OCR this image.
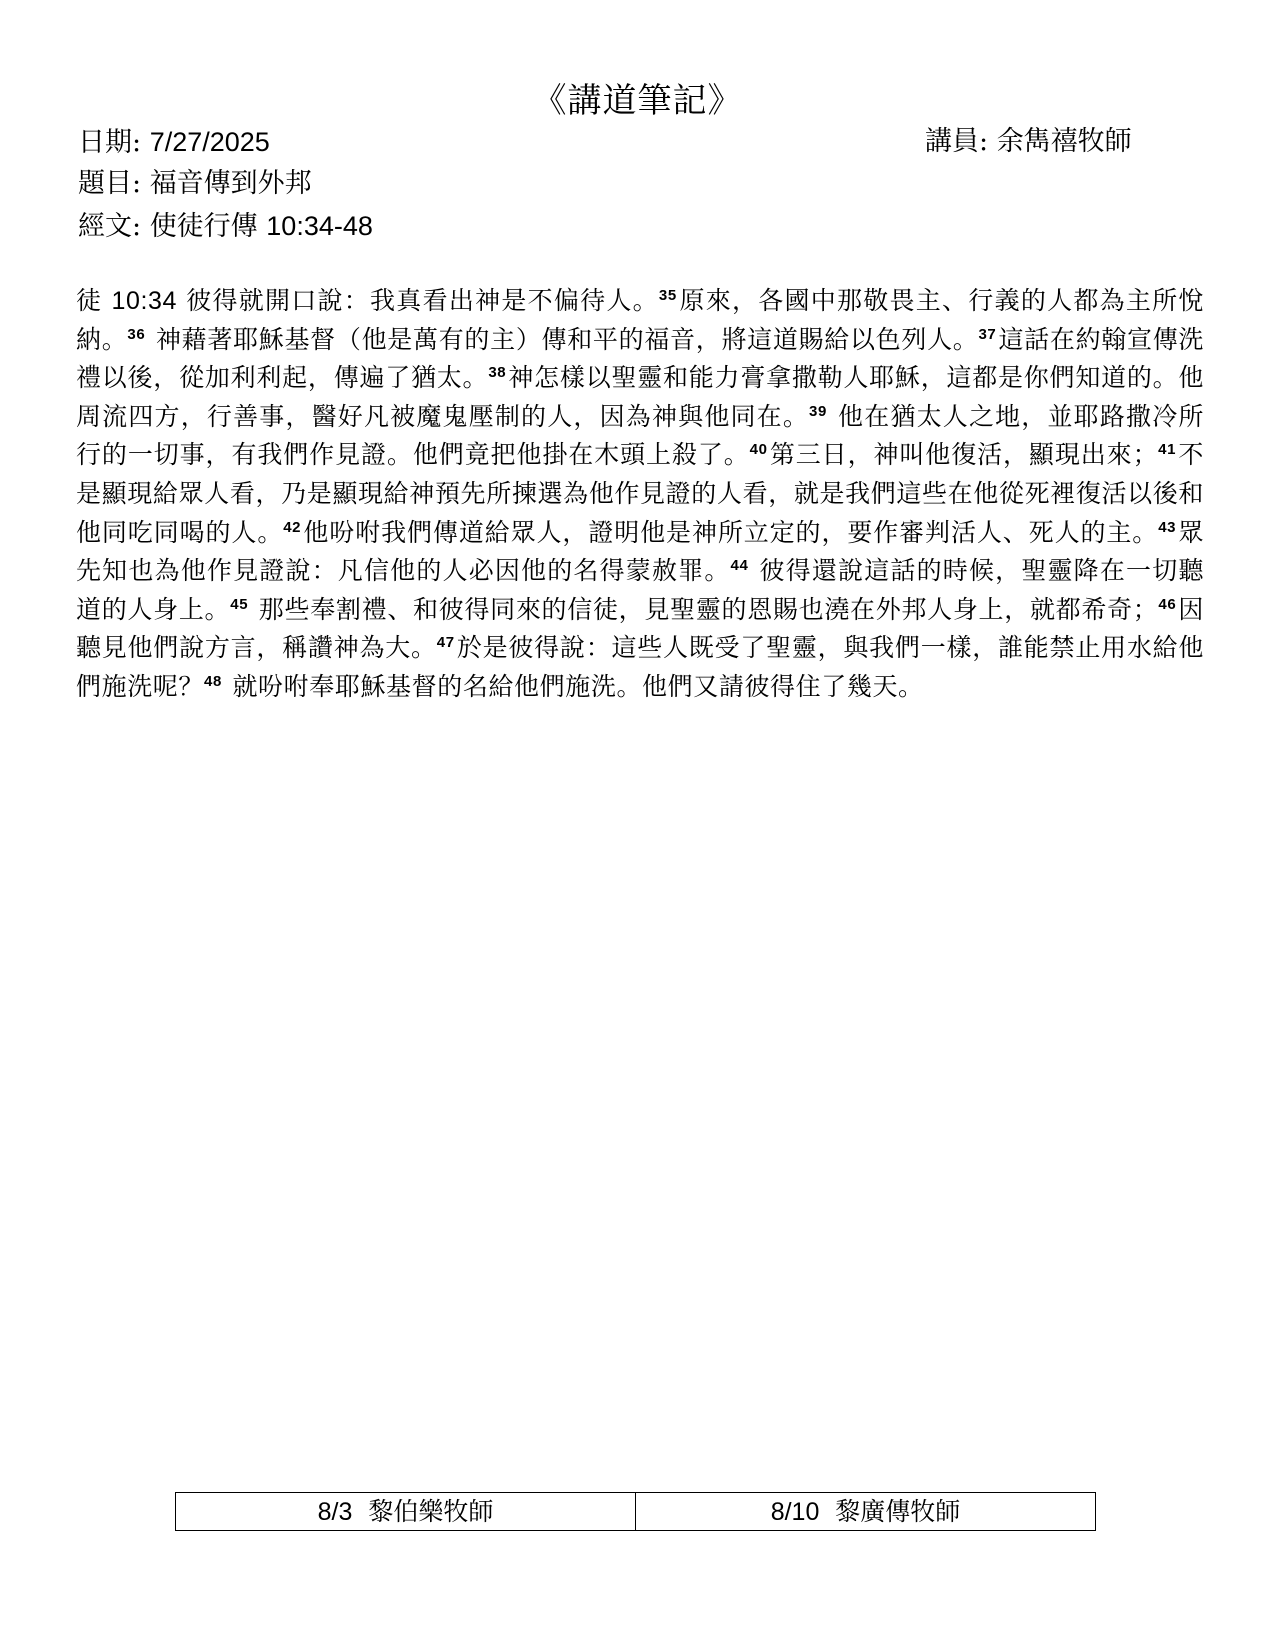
《講道筆記》
日期: 7/27/2025	講員: 余雋禧牧師
題目: 福音傳到外邦
經文: 使徒行傳 10:34-48
徒 10:34 彼得就開口說：我真看出神是不偏待人。$^{35}$原來，各國中那敬畏主、行義的人都為主所悅納。$^{36}$ 神藉著耶穌基督（他是萬有的主）傳和平的福音，將這道賜給以色列人。$^{37}$這話在約翰宣傳洗禮以後，從加利利起，傳遍了猶太。$^{38}$神怎樣以聖靈和能力膏拿撒勒人耶穌，這都是你們知道的。他周流四方，行善事，醫好凡被魔鬼壓制的人，因為神與他同在。$^{39}$ 他在猶太人之地，並耶路撒冷所行的一切事，有我們作見證。他們竟把他掛在木頭上殺了。$^{40}$第三日，神叫他復活，顯現出來；$^{41}$不是顯現給眾人看，乃是顯現給神預先所揀選為他作見證的人看，就是我們這些在他從死裡復活以後和他同吃同喝的人。$^{42}$他吩咐我們傳道給眾人，證明他是神所立定的，要作審判活人、死人的主。$^{43}$眾先知也為他作見證說：凡信他的人必因他的名得蒙赦罪。$^{44}$ 彼得還說這話的時候，聖靈降在一切聽道的人身上。$^{45}$ 那些奉割禮、和彼得同來的信徒，見聖靈的恩賜也澆在外邦人身上，就都希奇；$^{46}$因聽見他們說方言，稱讚神為大。$^{47}$於是彼得說：這些人既受了聖靈，與我們一樣，誰能禁止用水給他們施洗呢？$^{48}$ 就吩咐奉耶穌基督的名給他們施洗。他們又請彼得住了幾天。
8/3  黎伯樂牧師	8/10  黎廣傳牧師
